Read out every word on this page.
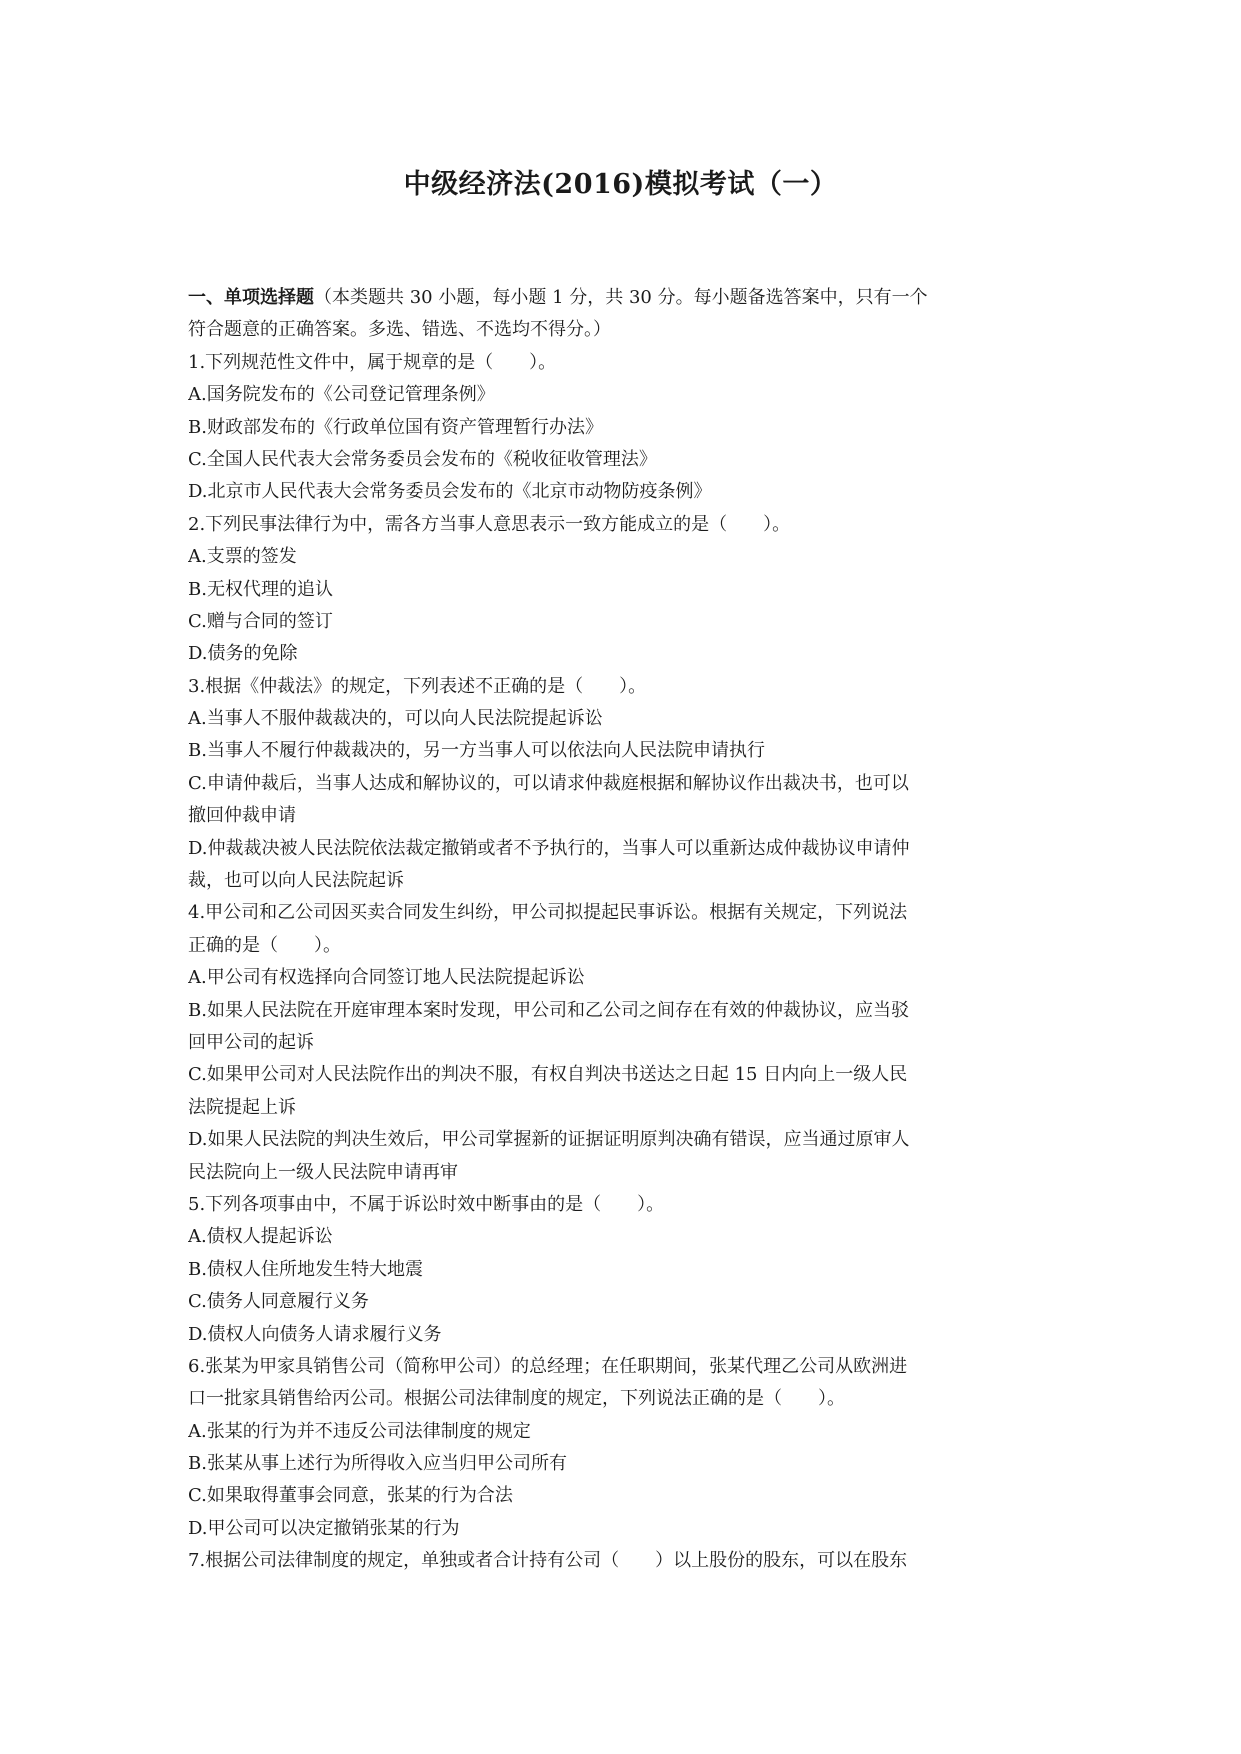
中级经济法(2016)模拟考试（一）
一、单项选择题（本类题共 30 小题，每小题 1 分，共 30 分。每小题备选答案中，只有一个
符合题意的正确答案。多选、错选、不选均不得分。）
1.下列规范性文件中，属于规章的是（　　）。
A.国务院发布的《公司登记管理条例》
B.财政部发布的《行政单位国有资产管理暂行办法》
C.全国人民代表大会常务委员会发布的《税收征收管理法》
D.北京市人民代表大会常务委员会发布的《北京市动物防疫条例》
2.下列民事法律行为中，需各方当事人意思表示一致方能成立的是（　　）。
A.支票的签发
B.无权代理的追认
C.赠与合同的签订
D.债务的免除
3.根据《仲裁法》的规定，下列表述不正确的是（　　）。
A.当事人不服仲裁裁决的，可以向人民法院提起诉讼
B.当事人不履行仲裁裁决的，另一方当事人可以依法向人民法院申请执行
C.申请仲裁后，当事人达成和解协议的，可以请求仲裁庭根据和解协议作出裁决书，也可以
撤回仲裁申请
D.仲裁裁决被人民法院依法裁定撤销或者不予执行的，当事人可以重新达成仲裁协议申请仲
裁，也可以向人民法院起诉
4.甲公司和乙公司因买卖合同发生纠纷，甲公司拟提起民事诉讼。根据有关规定，下列说法
正确的是（　　）。
A.甲公司有权选择向合同签订地人民法院提起诉讼
B.如果人民法院在开庭审理本案时发现，甲公司和乙公司之间存在有效的仲裁协议，应当驳
回甲公司的起诉
C.如果甲公司对人民法院作出的判决不服，有权自判决书送达之日起 15 日内向上一级人民
法院提起上诉
D.如果人民法院的判决生效后，甲公司掌握新的证据证明原判决确有错误，应当通过原审人
民法院向上一级人民法院申请再审
5.下列各项事由中，不属于诉讼时效中断事由的是（　　）。
A.债权人提起诉讼
B.债权人住所地发生特大地震
C.债务人同意履行义务
D.债权人向债务人请求履行义务
6.张某为甲家具销售公司（简称甲公司）的总经理；在任职期间，张某代理乙公司从欧洲进
口一批家具销售给丙公司。根据公司法律制度的规定，下列说法正确的是（　　）。
A.张某的行为并不违反公司法律制度的规定
B.张某从事上述行为所得收入应当归甲公司所有
C.如果取得董事会同意，张某的行为合法
D.甲公司可以决定撤销张某的行为
7.根据公司法律制度的规定，单独或者合计持有公司（　　）以上股份的股东，可以在股东
